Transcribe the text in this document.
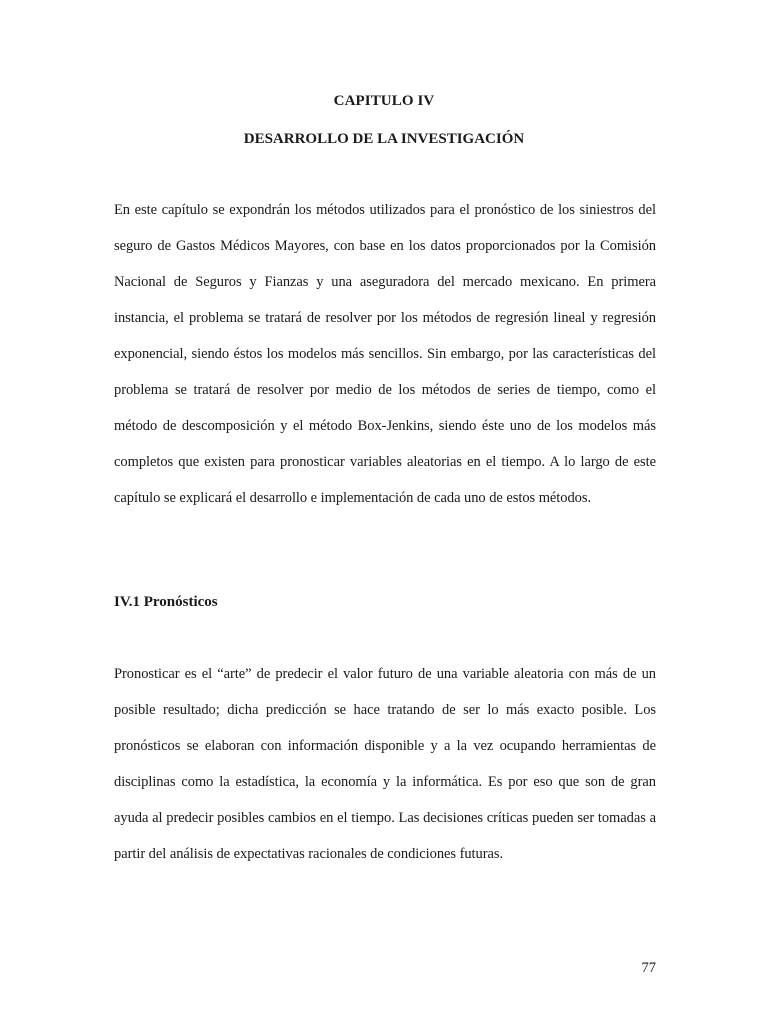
CAPITULO IV
DESARROLLO DE LA INVESTIGACIÓN

En este capítulo se expondrán los métodos utilizados para el pronóstico de los siniestros del seguro de Gastos Médicos Mayores, con base en los datos proporcionados por la Comisión Nacional de Seguros y Fianzas y una aseguradora del mercado mexicano. En primera instancia, el problema se tratará de resolver por los métodos de regresión lineal y regresión exponencial, siendo éstos los modelos más sencillos. Sin embargo, por las características del problema se tratará de resolver por medio de los métodos de series de tiempo, como el método de descomposición y el método Box-Jenkins, siendo éste uno de los modelos más completos que existen para pronosticar variables aleatorias en el tiempo. A lo largo de este capítulo se explicará el desarrollo e implementación de cada uno de estos métodos.

IV.1 Pronósticos

Pronosticar es el “arte” de predecir el valor futuro de una variable aleatoria con más de un posible resultado; dicha predicción se hace tratando de ser lo más exacto posible. Los pronósticos se elaboran con información disponible y a la vez ocupando herramientas de disciplinas como la estadística, la economía y la informática. Es por eso que son de gran ayuda al predecir posibles cambios en el tiempo. Las decisiones críticas pueden ser tomadas a partir del análisis de expectativas racionales de condiciones futuras.

77
